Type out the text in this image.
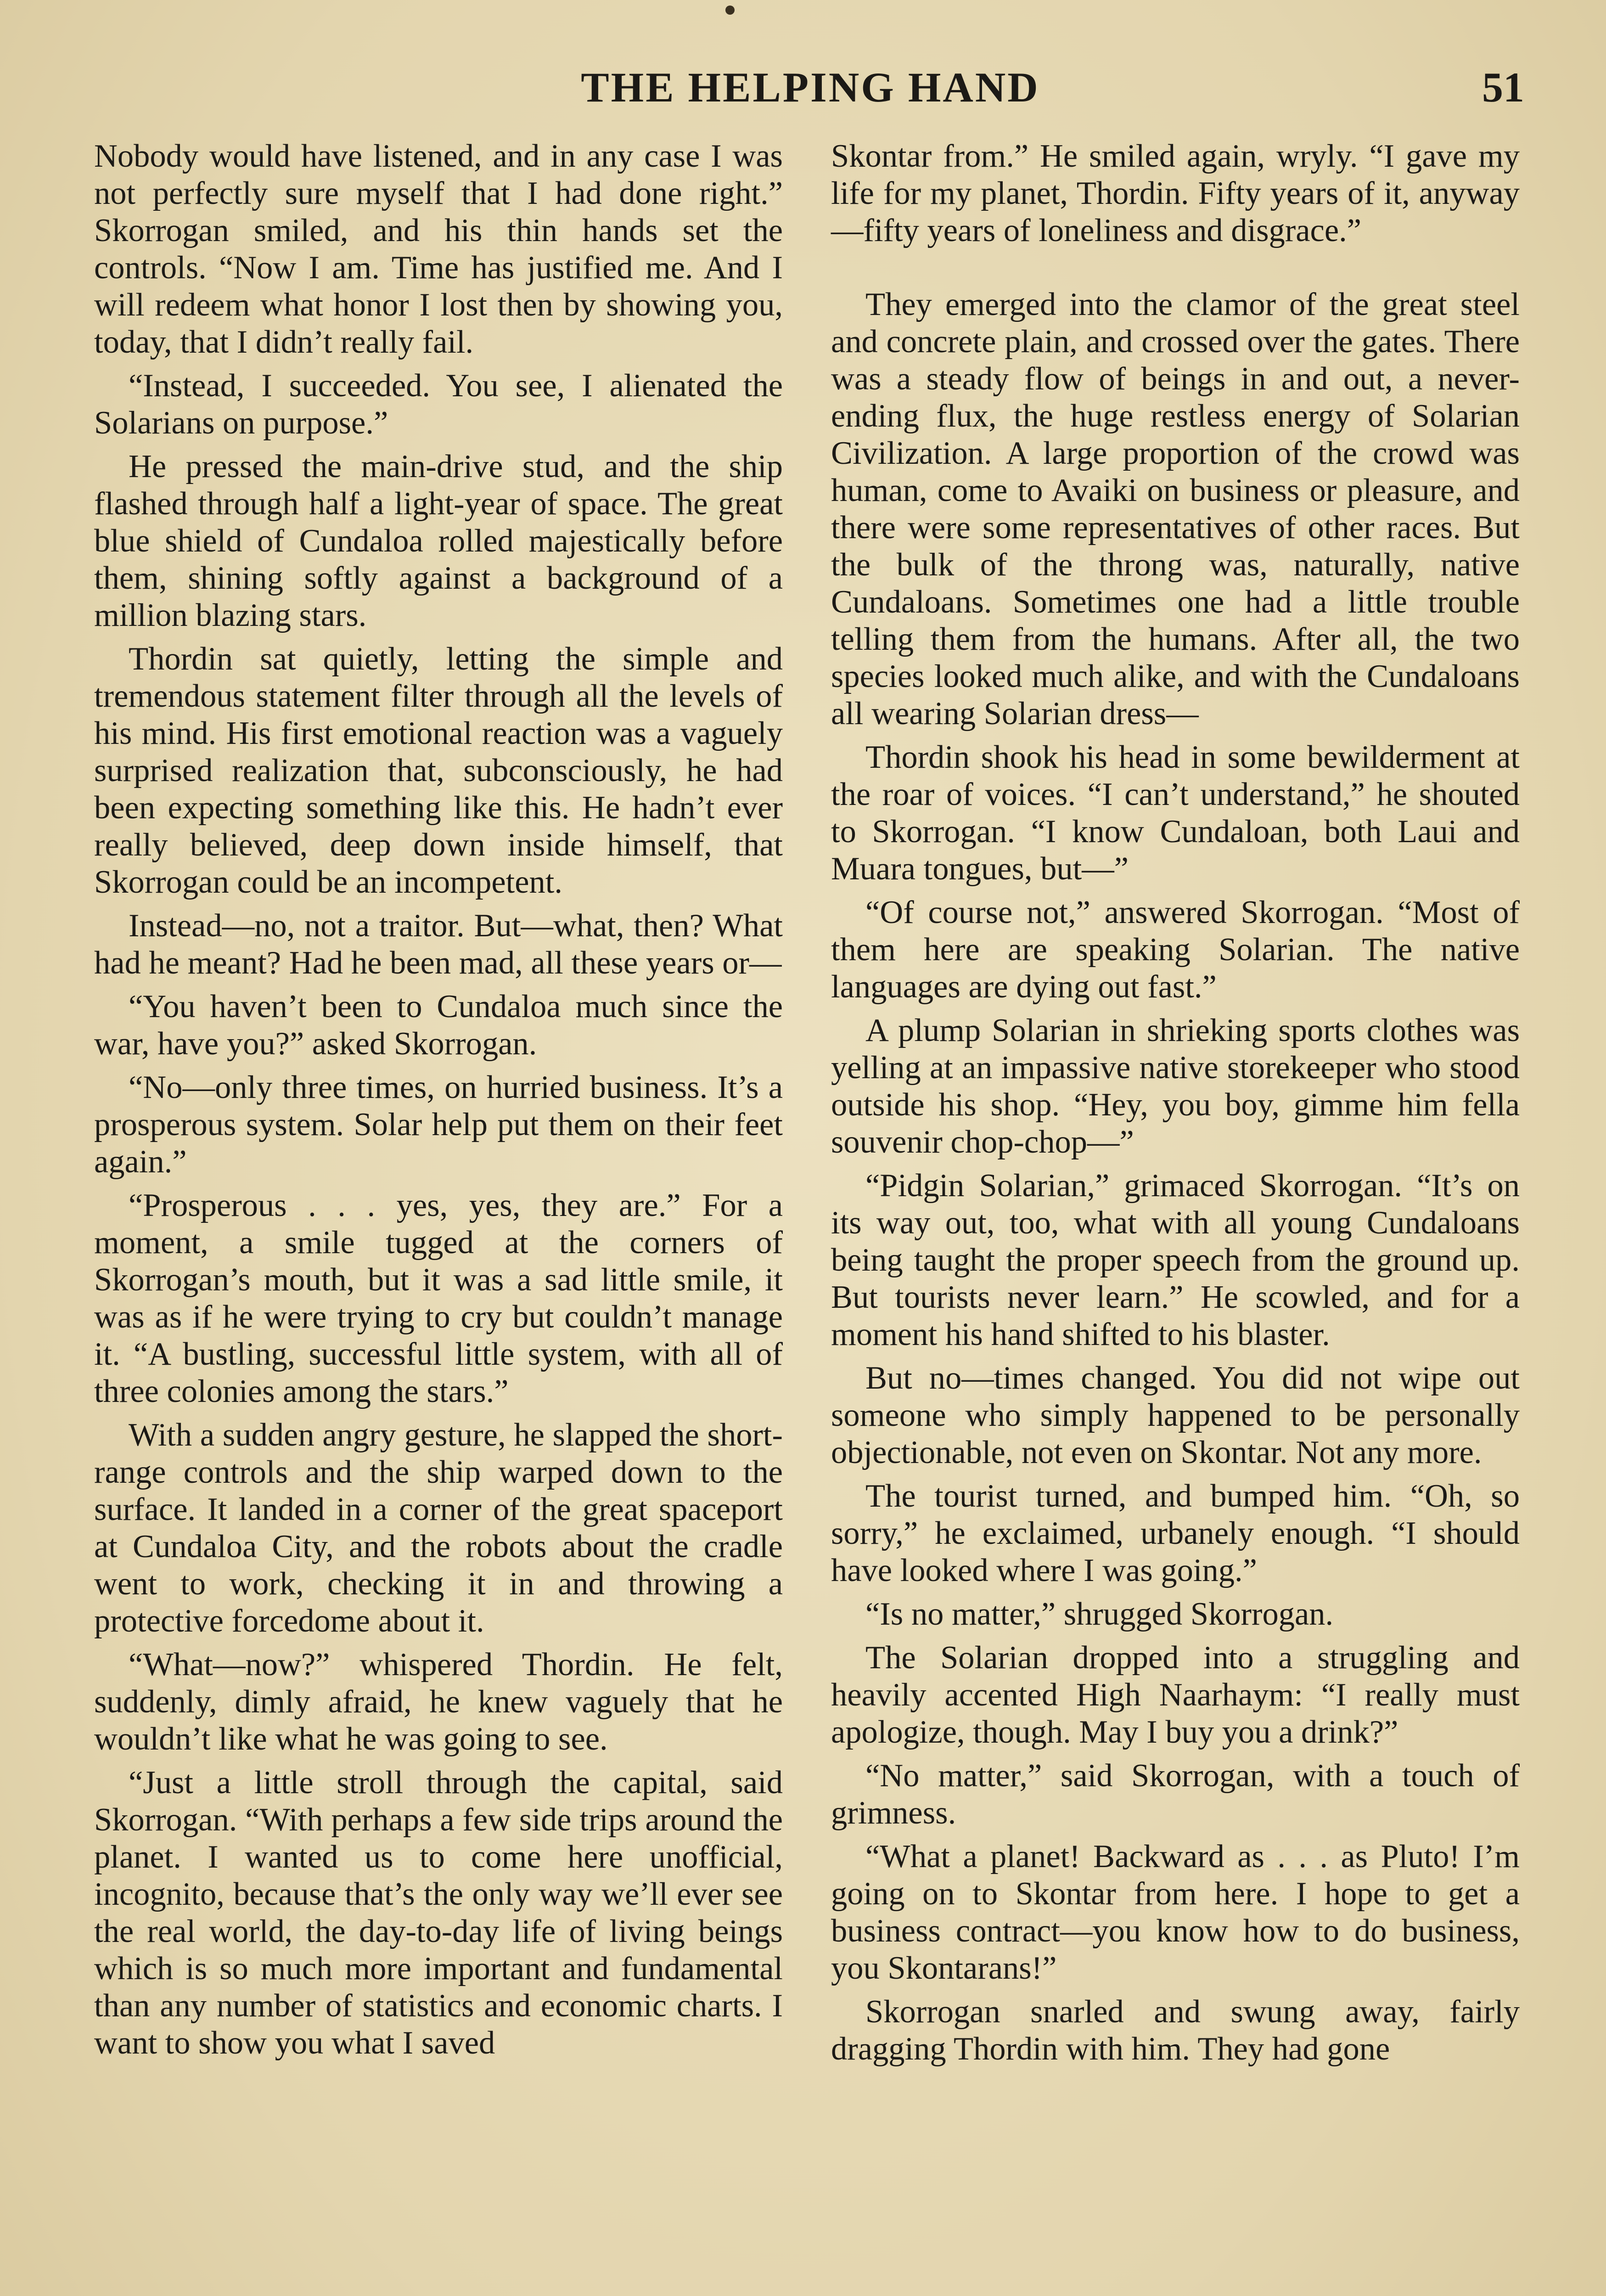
THE HELPING HAND	51

Nobody would have listened, and in any case I was not perfectly sure myself that I had done right.” Skorrogan smiled, and his thin hands set the controls. “Now I am. Time has justified me. And I will redeem what honor I lost then by showing you, today, that I didn’t really fail.

“Instead, I succeeded. You see, I alienated the Solarians on purpose.”

He pressed the main-drive stud, and the ship flashed through half a light-year of space. The great blue shield of Cundaloa rolled majestically before them, shining softly against a background of a million blazing stars.

Thordin sat quietly, letting the simple and tremendous statement filter through all the levels of his mind. His first emotional reaction was a vaguely surprised realization that, subconsciously, he had been expecting something like this. He hadn’t ever really believed, deep down inside himself, that Skorrogan could be an incompetent.

Instead—no, not a traitor. But—what, then? What had he meant? Had he been mad, all these years or—

“You haven’t been to Cundaloa much since the war, have you?” asked Skorrogan.

“No—only three times, on hurried business. It’s a prosperous system. Solar help put them on their feet again.”

“Prosperous . . . yes, yes, they are.” For a moment, a smile tugged at the corners of Skorrogan’s mouth, but it was a sad little smile, it was as if he were trying to cry but couldn’t manage it. “A bustling, successful little system, with all of three colonies among the stars.”

With a sudden angry gesture, he slapped the short-range controls and the ship warped down to the surface. It landed in a corner of the great spaceport at Cundaloa City, and the robots about the cradle went to work, checking it in and throwing a protective forcedome about it.

“What—now?” whispered Thordin. He felt, suddenly, dimly afraid, he knew vaguely that he wouldn’t like what he was going to see.

“Just a little stroll through the capital, said Skorrogan. “With perhaps a few side trips around the planet. I wanted us to come here unofficial, incognito, because that’s the only way we’ll ever see the real world, the day-to-day life of living beings which is so much more important and fundamental than any number of statistics and economic charts. I want to show you what I saved

Skontar from.” He smiled again, wryly. “I gave my life for my planet, Thordin. Fifty years of it, anyway—fifty years of loneliness and disgrace.”

They emerged into the clamor of the great steel and concrete plain, and crossed over the gates. There was a steady flow of beings in and out, a never-ending flux, the huge restless energy of Solarian Civilization. A large proportion of the crowd was human, come to Avaiki on business or pleasure, and there were some representatives of other races. But the bulk of the throng was, naturally, native Cundaloans. Sometimes one had a little trouble telling them from the humans. After all, the two species looked much alike, and with the Cundaloans all wearing Solarian dress—

Thordin shook his head in some bewilderment at the roar of voices. “I can’t understand,” he shouted to Skorrogan. “I know Cundaloan, both Laui and Muara tongues, but—”

“Of course not,” answered Skorrogan. “Most of them here are speaking Solarian. The native languages are dying out fast.”

A plump Solarian in shrieking sports clothes was yelling at an impassive native storekeeper who stood outside his shop. “Hey, you boy, gimme him fella souvenir chop-chop—”

“Pidgin Solarian,” grimaced Skorrogan. “It’s on its way out, too, what with all young Cundaloans being taught the proper speech from the ground up. But tourists never learn.” He scowled, and for a moment his hand shifted to his blaster.

But no—times changed. You did not wipe out someone who simply happened to be personally objectionable, not even on Skontar. Not any more.

The tourist turned, and bumped him. “Oh, so sorry,” he exclaimed, urbanely enough. “I should have looked where I was going.”

“Is no matter,” shrugged Skorrogan.

The Solarian dropped into a struggling and heavily accented High Naarhaym: “I really must apologize, though. May I buy you a drink?”

“No matter,” said Skorrogan, with a touch of grimness.

“What a planet! Backward as . . . as Pluto! I’m going on to Skontar from here. I hope to get a business contract—you know how to do business, you Skontarans!”

Skorrogan snarled and swung away, fairly dragging Thordin with him. They had gone
